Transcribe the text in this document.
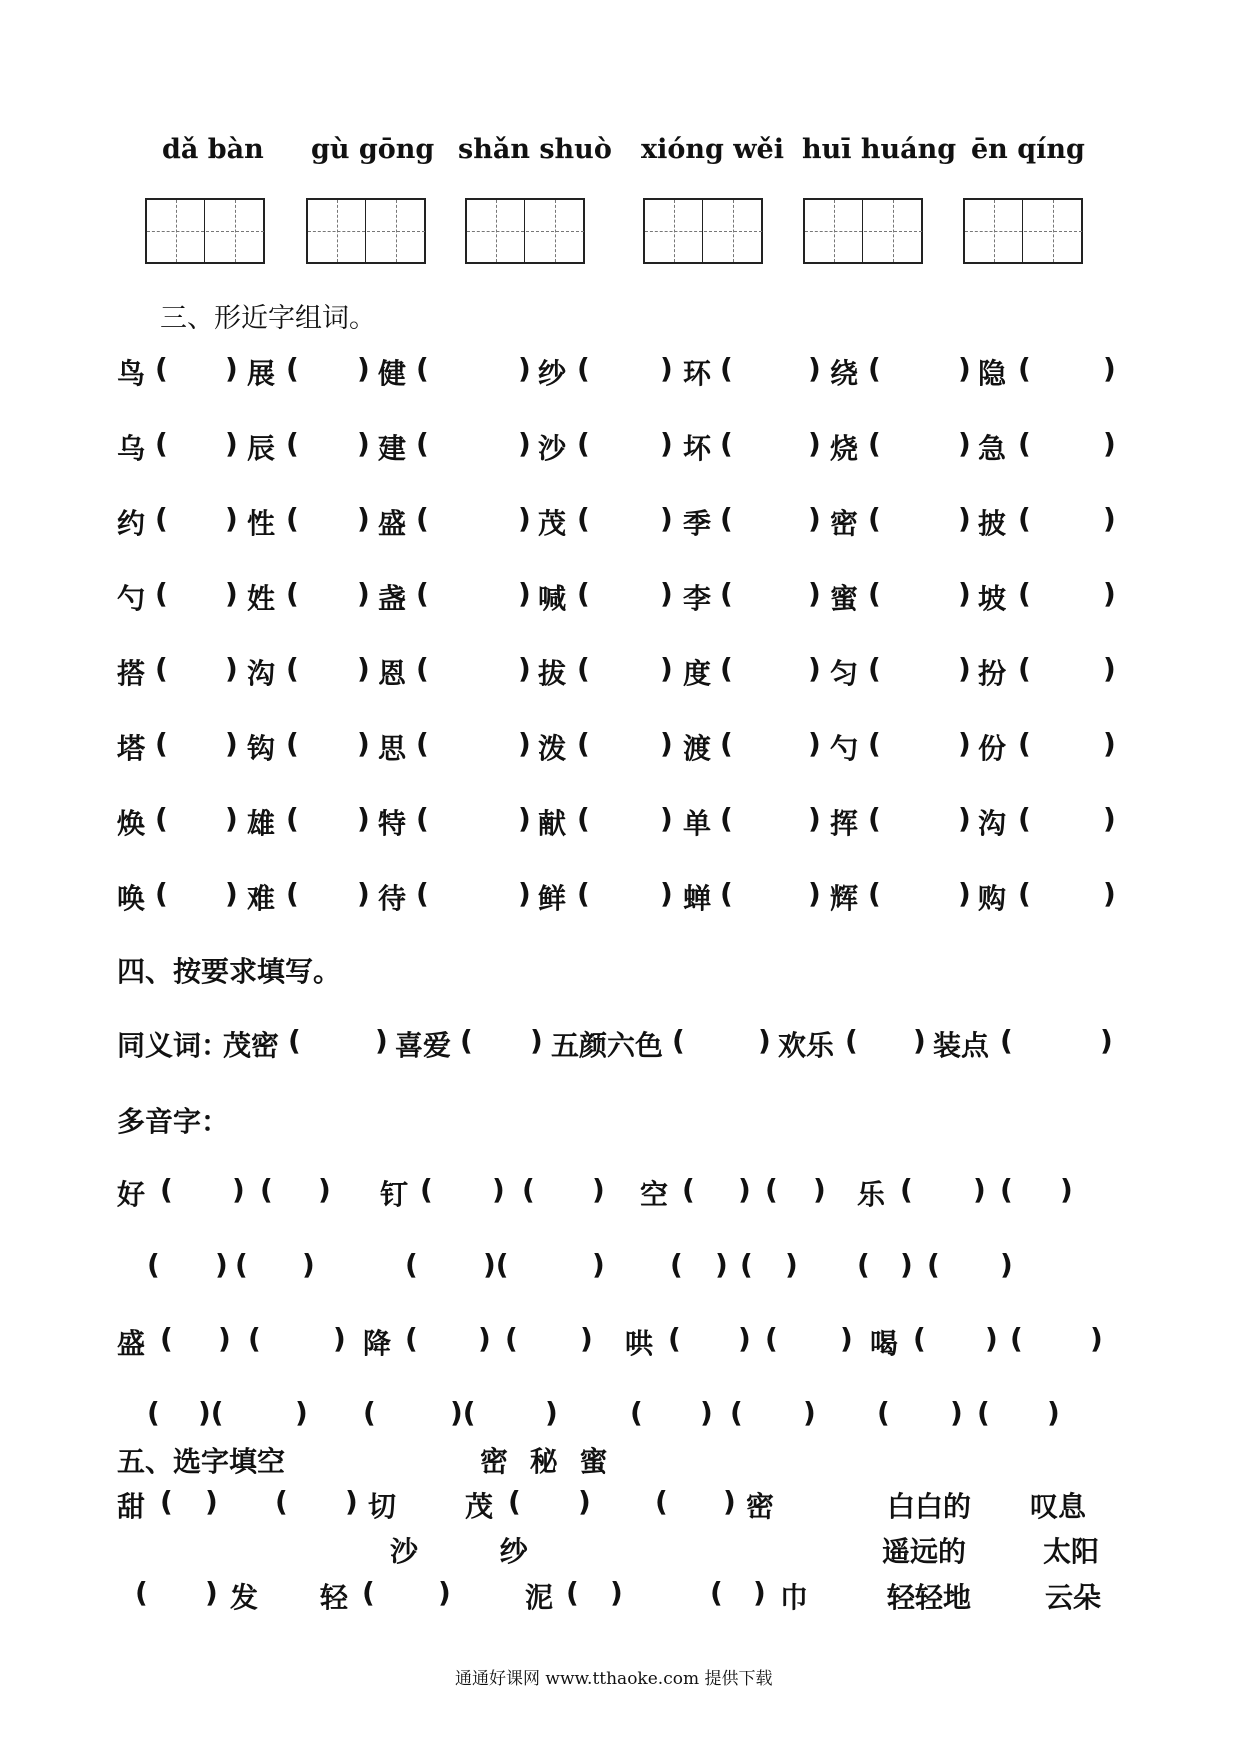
dǎ bàn gù gōng shǎn shuò xióng wěi huī huáng ēn qíng
三、形近字组词。
鸟 ( ) 展 ( ) 健 (	) 纱 (	) 环 (	) 绕 (	) 隐 (	)
乌 ( ) 辰 ( ) 建 (	) 沙 (	) 坏 (	) 烧 (	) 急 (	)
约 ( ) 性 ( ) 盛 (	) 茂 (	) 季 (	) 密 (	) 披 (	)
勺 ( ) 姓 ( ) 盏 (	) 喊 (	) 李 (	) 蜜 (	) 坡 (	)
搭 ( ) 沟 ( ) 恩 (	) 拔 (	) 度 (	) 匀 (	) 扮 (	)
塔 ( ) 钩 ( ) 思 (	) 泼 (	) 渡 (	) 勺 (	) 份 (	)
焕 ( ) 雄 ( ) 特 (	) 献 (	) 单 (	) 挥 (	) 沟 (	)
唤 ( ) 难 ( ) 待 (	) 鲜 (	) 蝉 (	) 辉 (	) 购 (	)
四、按要求填写。
同义词：
茂密 (	) 喜爱 ( ) 五颜六色 (	) 欢乐 ( ) 装点 (	)
多音字：
好 ( ) ( ) 钉 ( ) ( ) 空 ( ) ( ) 乐 ( ) ( )
( ) ( )	( )(	) ( ) ( ) ( ) ( )
盛 ( ) (	) 降 ( ) ( ) 哄 ( ) ( ) 喝 ( ) ( )
( )(	) (	)( )	( ) ( ) ( ) ( )
五、选字填空	密 秘 蜜
甜 ( ) ( ) 切 茂 ( ) ( ) 密	白白的 叹息
沙 纱	遥远的	太阳
( ) 发 轻 ( )	泥 ( )	( ) 巾	轻轻地	云朵
通通好课网 www.tthaoke.com 提供下载
